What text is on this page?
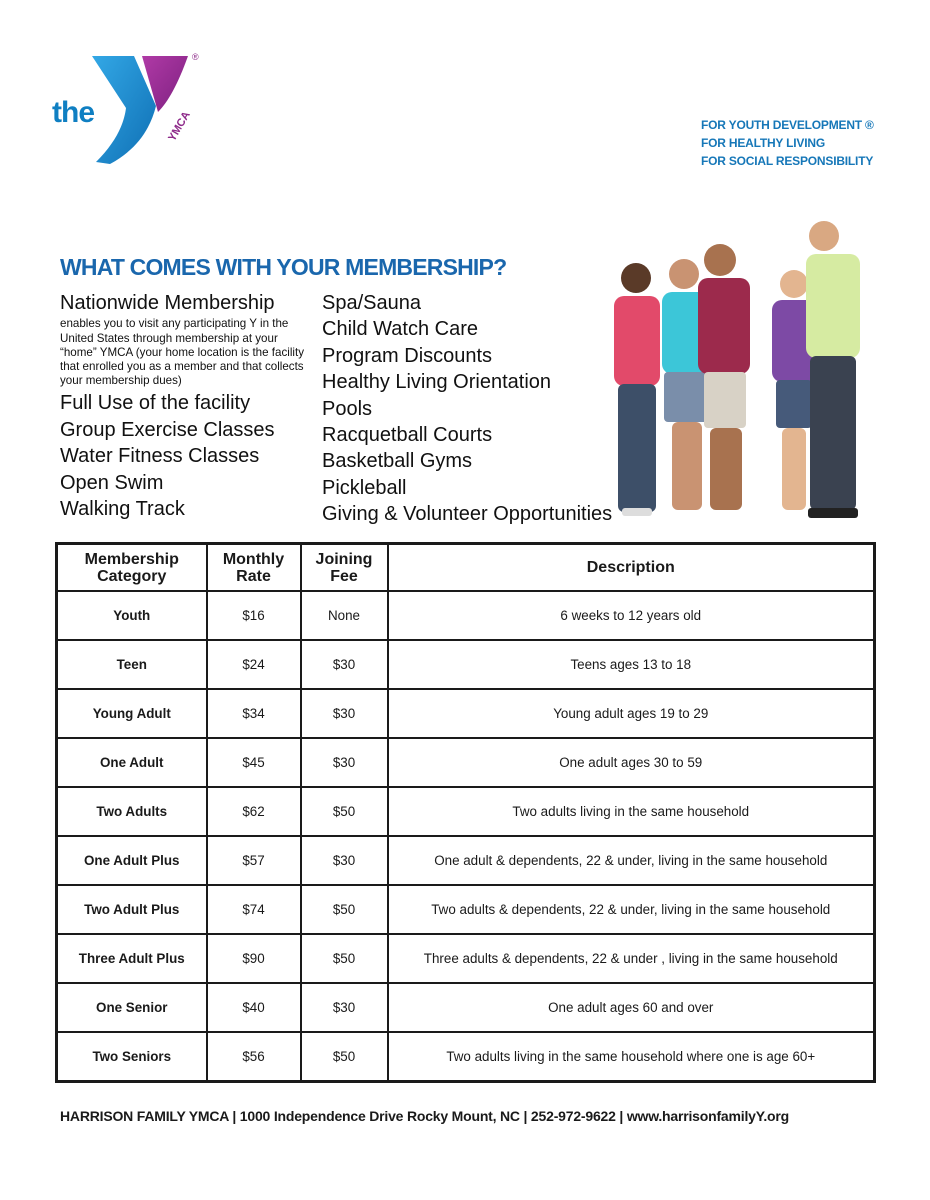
the	YMCA
®
FOR YOUTH DEVELOPMENT ®
FOR HEALTHY LIVING
FOR SOCIAL RESPONSIBILITY
WHAT COMES WITH YOUR MEMBERSHIP?
Nationwide Membership
enables you to visit any participating Y in the United States through membership at your “home” YMCA (your home location is the facility that enrolled you as a member and that collects your membership dues)
Full Use of the facility
Group Exercise Classes
Water Fitness Classes
Open Swim
Walking Track
Spa/Sauna
Child Watch Care
Program Discounts
Healthy Living Orientation
Pools
Racquetball Courts
Basketball Gyms
Pickleball
Giving & Volunteer Opportunities
Membership Category	Monthly Rate	Joining Fee	Description
Youth	$16	None	6 weeks to 12 years old
Teen	$24	$30	Teens ages 13 to 18
Young Adult	$34	$30	Young adult ages 19 to 29
One Adult	$45	$30	One adult ages 30 to 59
Two Adults	$62	$50	Two adults living in the same household
One Adult Plus	$57	$30	One adult & dependents, 22 & under, living in the same household
Two Adult Plus	$74	$50	Two adults & dependents, 22 & under, living in the same household
Three Adult Plus	$90	$50	Three adults & dependents, 22 & under , living in the same household
One Senior	$40	$30	One adult ages 60 and over
Two Seniors	$56	$50	Two adults living in the same household where one is age 60+
HARRISON FAMILY YMCA | 1000 Independence Drive Rocky Mount, NC | 252-972-9622 | www.harrisonfamilyY.org
